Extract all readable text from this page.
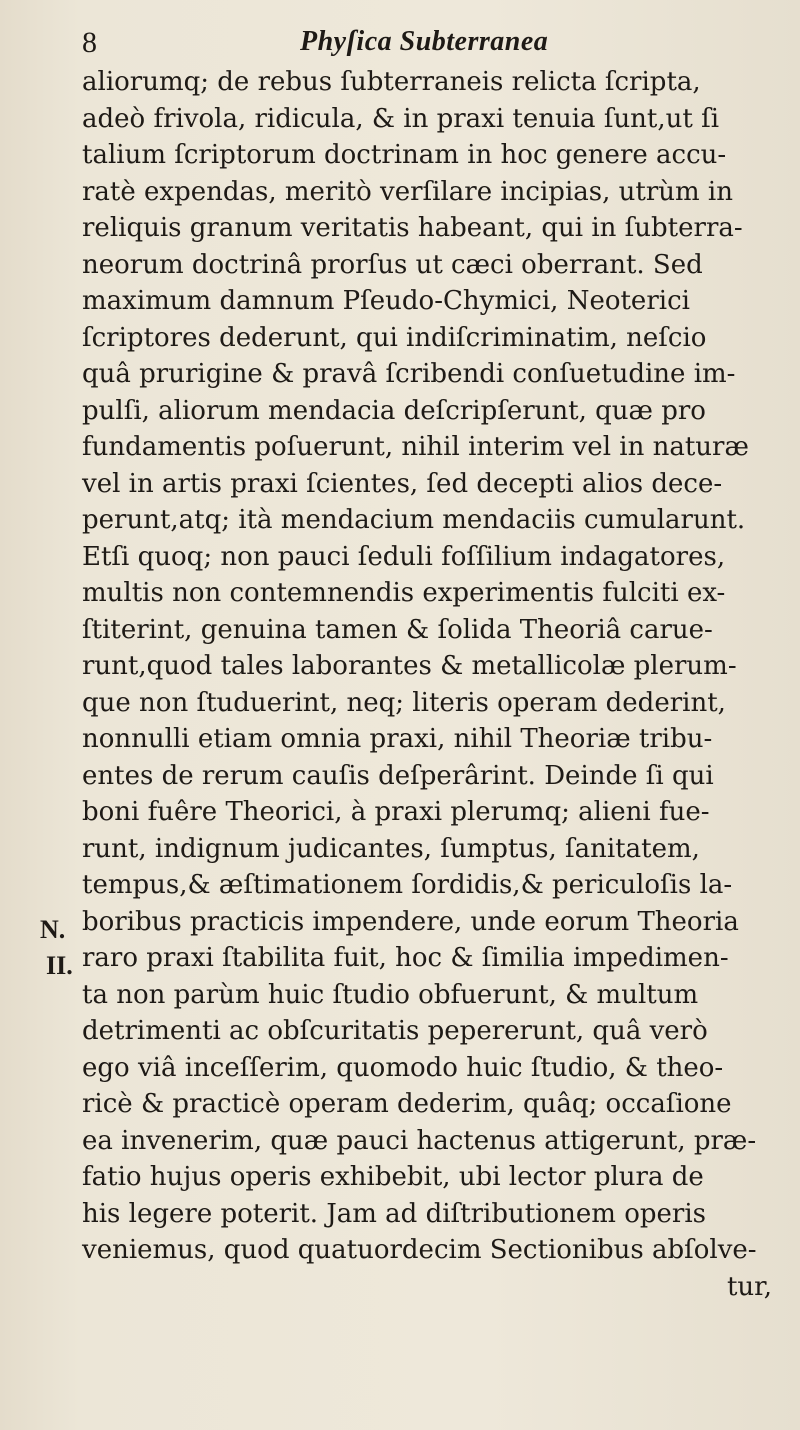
8	Phyſica Subterranea
N.
II.
aliorumq; de rebus ſubterraneis relicta ſcripta,
adeò frivola, ridicula, & in praxi tenuia ſunt,ut ſi
talium ſcriptorum doctrinam in hoc genere accu-
ratè expendas, meritò verſilare incipias, utrùm in
reliquis granum veritatis habeant, qui in ſubterra-
neorum doctrinâ prorſus ut cæci oberrant. Sed
maximum damnum Pſeudo-Chymici, Neoterici
ſcriptores dederunt, qui indiſcriminatim, neſcio
quâ prurigine & pravâ ſcribendi conſuetudine im-
pulſi, aliorum mendacia deſcripſerunt, quæ pro
fundamentis poſuerunt, nihil interim vel in naturæ
vel in artis praxi ſcientes, ſed decepti alios dece-
perunt,atq; ità mendacium mendaciis cumularunt.
Etſi quoq; non pauci ſeduli foſſilium indagatores,
multis non contemnendis experimentis fulciti ex-
ſtiterint, genuina tamen & ſolida Theoriâ carue-
runt,quod tales laborantes & metallicolæ plerum-
que non ſtuduerint, neq; literis operam dederint,
nonnulli etiam omnia praxi, nihil Theoriæ tribu-
entes de rerum cauſis deſperârint. Deinde ſi qui
boni fuêre Theorici, à praxi plerumq; alieni fue-
runt, indignum judicantes, ſumptus, ſanitatem,
tempus,& æſtimationem ſordidis,& periculoſis la-
boribus practicis impendere, unde eorum Theoria
raro praxi ſtabilita fuit, hoc & ſimilia impedimen-
ta non parùm huic ſtudio obfuerunt, & multum
detrimenti ac obſcuritatis pepererunt, quâ verò
ego viâ inceſſerim, quomodo huic ſtudio, & theo-
ricè & practicè operam dederim, quâq; occaſione
ea invenerim, quæ pauci hactenus attigerunt, præ-
fatio hujus operis exhibebit, ubi lector plura de
his legere poterit. Jam ad diſtributionem operis
veniemus, quod quatuordecim Sectionibus abſolve-
tur,
